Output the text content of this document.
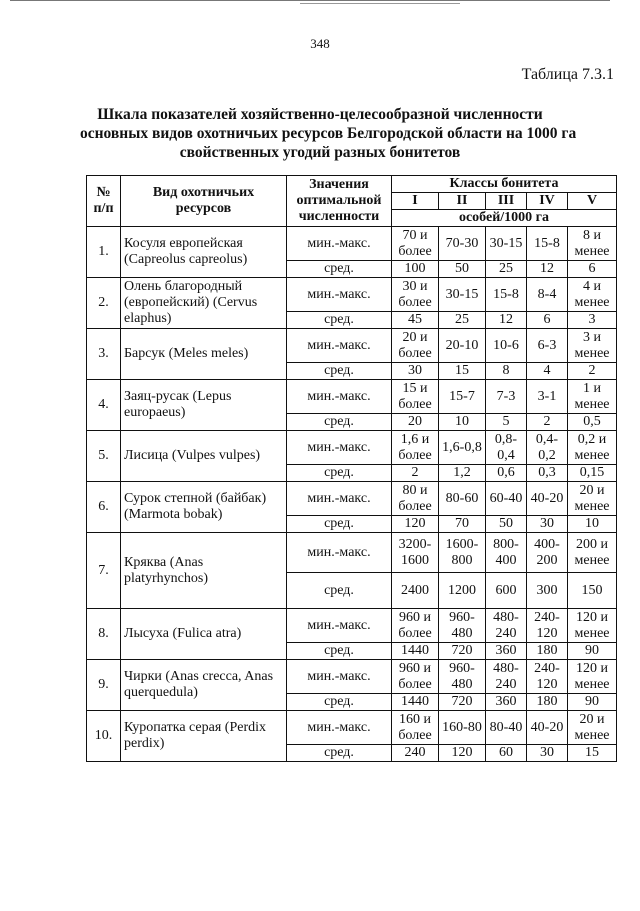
348
Таблица 7.3.1
Шкала показателей хозяйственно-целесообразной численности
основных видов охотничьих ресурсов Белгородской области на 1000 га
свойственных угодий разных бонитетов
№ п/п	Вид охотничьих ресурсов	Значения оптимальной численности	Классы бонитета				
			I	II	III	IV	V
			особей/1000 га				
1.	Косуля европейская (Capreolus capreolus)	мин.-макс.	70 и более	70-30	30-15	15-8	8 и менее
		сред.	100	50	25	12	6
2.	Олень благородный (европейский) (Cervus elaphus)	мин.-макс.	30 и более	30-15	15-8	8-4	4 и менее
		сред.	45	25	12	6	3
3.	Барсук (Meles meles)	мин.-макс.	20 и более	20-10	10-6	6-3	3 и менее
		сред.	30	15	8	4	2
4.	Заяц-русак (Lepus europaeus)	мин.-макс.	15 и более	15-7	7-3	3-1	1 и менее
		сред.	20	10	5	2	0,5
5.	Лисица (Vulpes vulpes)	мин.-макс.	1,6 и более	1,6-0,8	0,8-0,4	0,4-0,2	0,2 и менее
		сред.	2	1,2	0,6	0,3	0,15
6.	Сурок степной (байбак) (Marmota bobak)	мин.-макс.	80 и более	80-60	60-40	40-20	20 и менее
		сред.	120	70	50	30	10
7.	Кряква (Anas platyrhynchos)	мин.-макс.	3200-1600	1600-800	800-400	400-200	200 и менее
		сред.	2400	1200	600	300	150
8.	Лысуха (Fulica atra)	мин.-макс.	960 и более	960-480	480-240	240-120	120 и менее
		сред.	1440	720	360	180	90
9.	Чирки (Anas crecca, Anas querquedula)	мин.-макс.	960 и более	960-480	480-240	240-120	120 и менее
		сред.	1440	720	360	180	90
10.	Куропатка серая (Perdix perdix)	мин.-макс.	160 и более	160-80	80-40	40-20	20 и менее
		сред.	240	120	60	30	15
